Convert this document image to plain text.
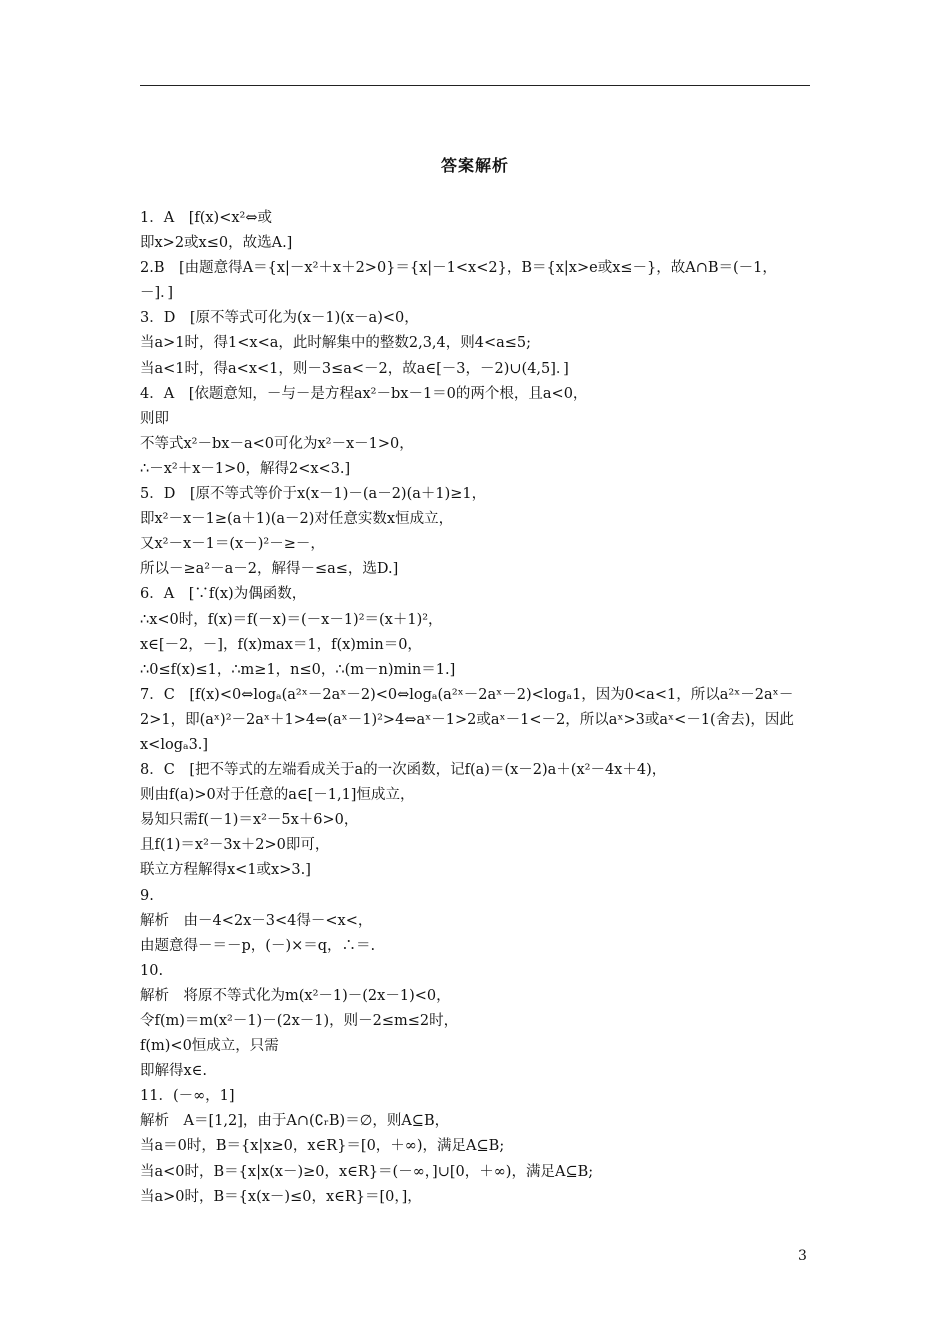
答案解析
1．A　[f(x)<x²⇔或
即x>2或x≤0，故选A.]
2.B　[由题意得A＝{x|－x²＋x＋2>0}＝{x|－1<x<2}，B＝{x|x>e或x≤－}，故A∩B＝(－1，
－]．]
3．D　[原不等式可化为(x－1)(x－a)<0，
当a>1时，得1<x<a，此时解集中的整数2,3,4，则4<a≤5;
当a<1时，得a<x<1，则－3≤a<－2，故a∈[－3，－2)∪(4,5]．]
4．A　[依题意知，－与－是方程ax²－bx－1＝0的两个根，且a<0，
则即
不等式x²－bx－a<0可化为x²－x－1>0，
∴－x²＋x－1>0，解得2<x<3.]
5．D　[原不等式等价于x(x－1)－(a－2)(a＋1)≥1，
即x²－x－1≥(a＋1)(a－2)对任意实数x恒成立，
又x²－x－1＝(x－)²－≥－，
所以－≥a²－a－2，解得－≤a≤，选D.]
6．A　[∵f(x)为偶函数，
∴x<0时，f(x)＝f(－x)＝(－x－1)²＝(x＋1)²，
x∈[－2，－]，f(x)max＝1，f(x)min＝0，
∴0≤f(x)≤1，∴m≥1，n≤0，∴(m－n)min＝1.]
7．C　[f(x)<0⇔logₐ(a²ˣ－2aˣ－2)<0⇔logₐ(a²ˣ－2aˣ－2)<logₐ1，因为0<a<1，所以a²ˣ－2aˣ－
2>1，即(aˣ)²－2aˣ＋1>4⇔(aˣ－1)²>4⇔aˣ－1>2或aˣ－1<－2，所以aˣ>3或aˣ<－1(舍去)，因此
x<logₐ3.]
8．C　[把不等式的左端看成关于a的一次函数，记f(a)＝(x－2)a＋(x²－4x＋4)，
则由f(a)>0对于任意的a∈[－1,1]恒成立，
易知只需f(－1)＝x²－5x＋6>0，
且f(1)＝x²－3x＋2>0即可，
联立方程解得x<1或x>3.]
9.
解析　由－4<2x－3<4得－<x<，
由题意得－＝－p，(－)×＝q，∴＝.
10.
解析　将原不等式化为m(x²－1)－(2x－1)<0，
令f(m)＝m(x²－1)－(2x－1)，则－2≤m≤2时，
f(m)<0恒成立，只需
即解得x∈.
11．(－∞，1]
解析　A＝[1,2]，由于A∩(∁ᵣB)＝∅，则A⊆B，
当a＝0时，B＝{x|x≥0，x∈R}＝[0，＋∞)，满足A⊆B;
当a<0时，B＝{x|x(x－)≥0，x∈R}＝(－∞，]∪[0，＋∞)，满足A⊆B;
当a>0时，B＝{x(x－)≤0，x∈R}＝[0，]，
3
